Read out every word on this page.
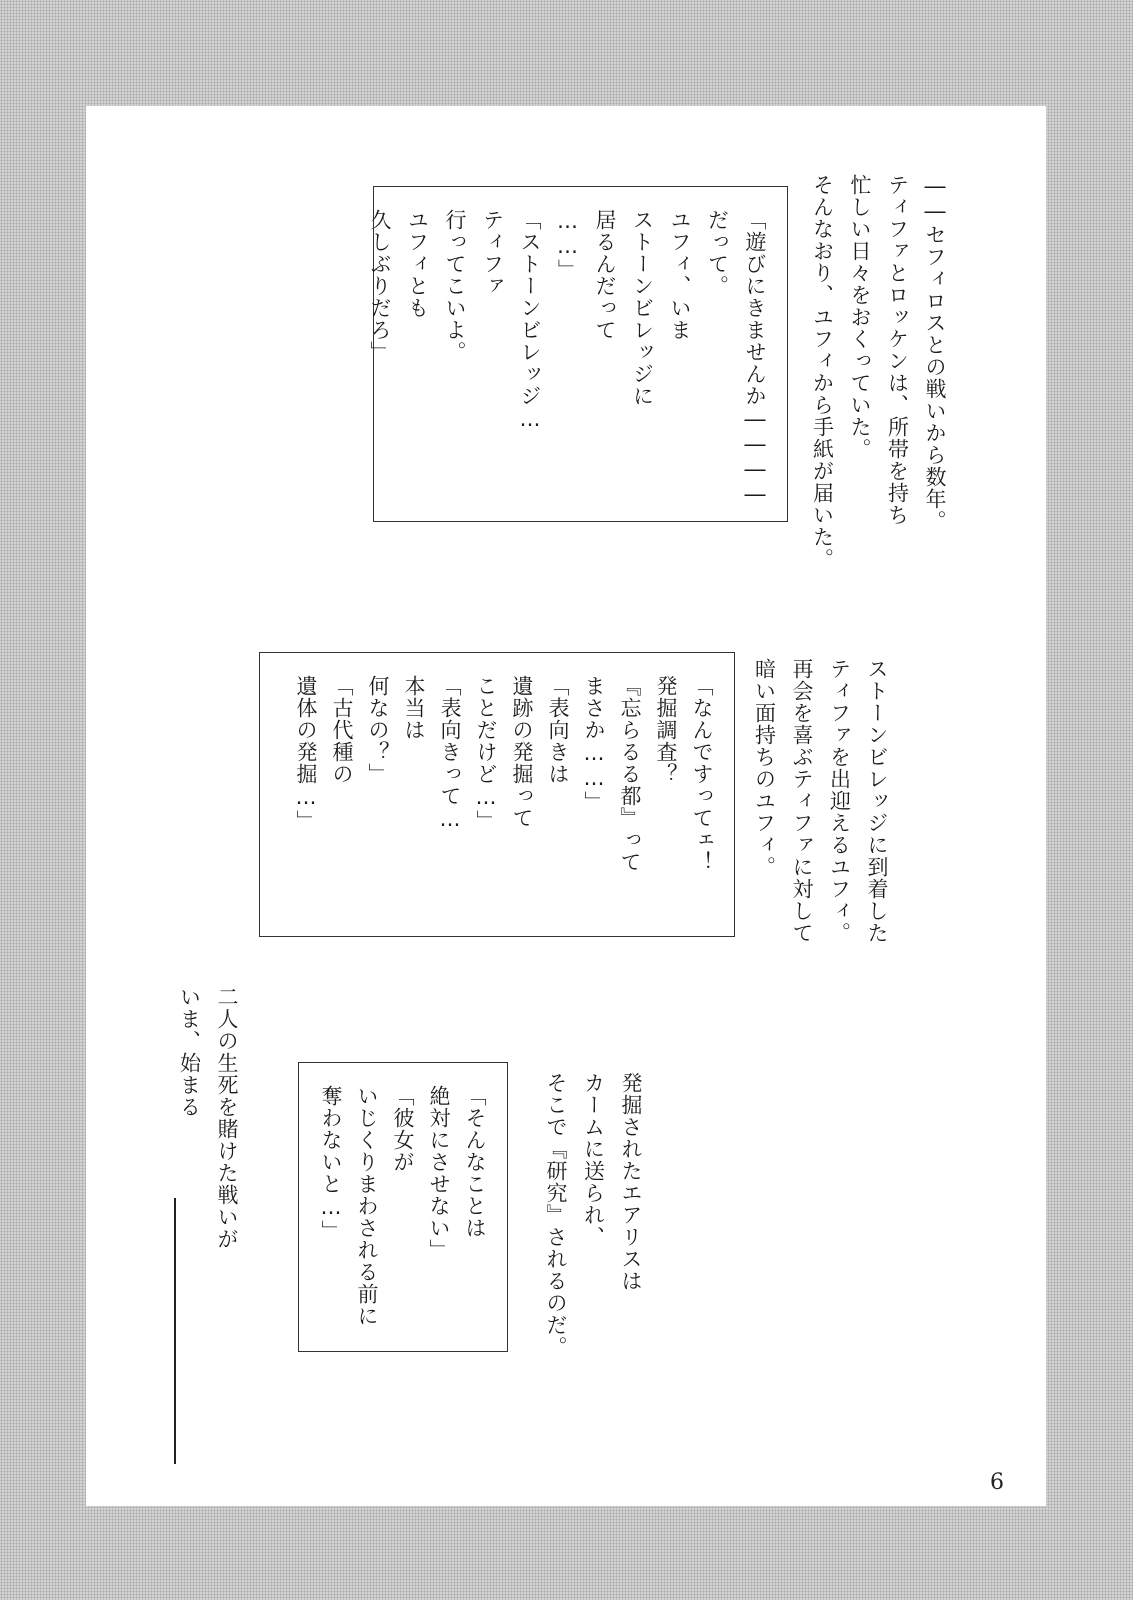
――セフィロスとの戦いから数年。
ティファとロッケンは、所帯を持ち
忙しい日々をおくっていた。
そんなおり、ユフィから手紙が届いた。
「遊びにきませんか――――
だって。
ユフィ、いま
ストーンビレッジに
居るんだって
……」
「ストーンビレッジ…
ティファ
行ってこいよ。
ユフィとも
久しぶりだろ」
ストーンビレッジに到着した
ティファを出迎えるユフィ。
再会を喜ぶティファに対して
暗い面持ちのユフィ。
「なんですってェ！
発掘調査？
『忘らるる都』って
まさか……」
「表向きは
遺跡の発掘って
ことだけど…」
「表向きって…
本当は
何なの？」
「古代種の
遺体の発掘…」
発掘されたエアリスは
カームに送られ、
そこで『研究』されるのだ。
「そんなことは
絶対にさせない」
「彼女が
いじくりまわされる前に
奪わないと…」
二人の生死を賭けた戦いが
いま、始まる
6
